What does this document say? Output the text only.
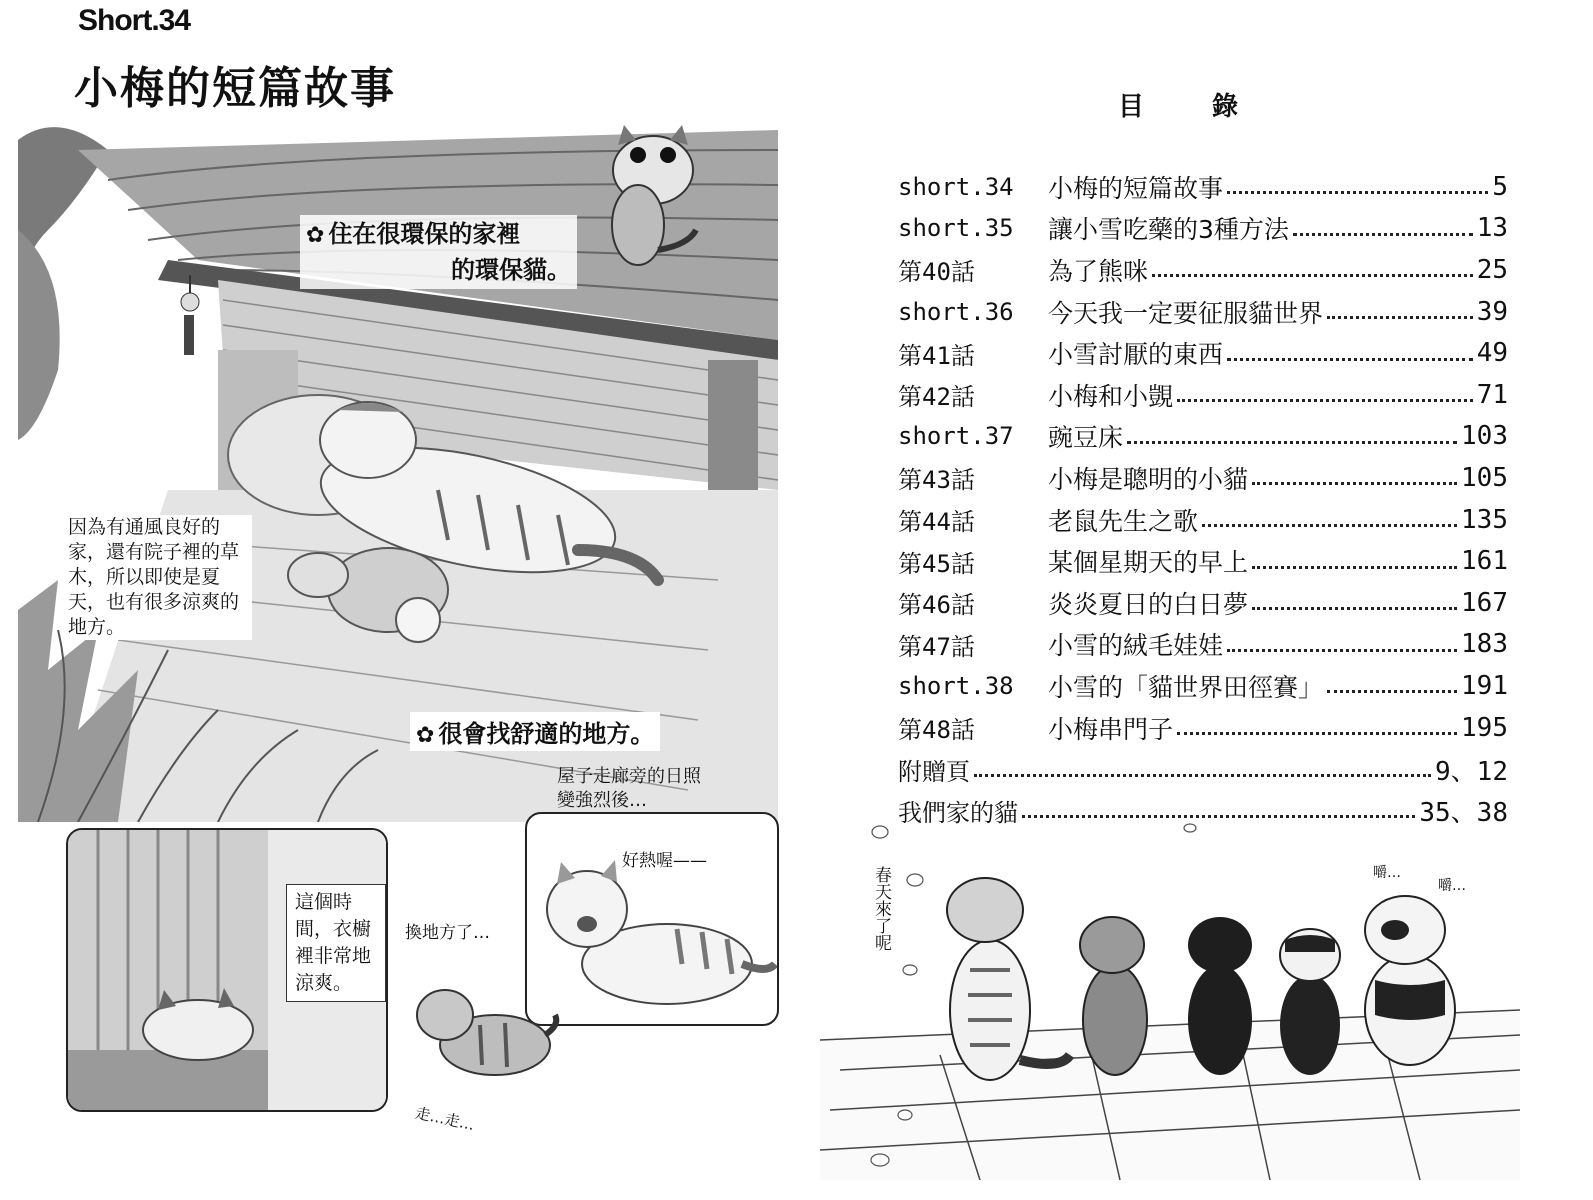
Short.34
小梅的短篇故事
✿ 住在很環保的家裡
的環保貓。
因為有通風良好的家，還有院子裡的草木，所以即使是夏天，也有很多涼爽的地方。
✿ 很會找舒適的地方。
屋子走廊旁的日照變強烈後…
這個時間，衣櫥裡非常地涼爽。
好熱喔——
換地方了…
走…走…
目錄
short.34	小梅的短篇故事	5
short.35	讓小雪吃藥的3種方法	13
第40話	為了熊咪	25
short.36	今天我一定要征服貓世界	39
第41話	小雪討厭的東西	49
第42話	小梅和小覬	71
short.37	豌豆床	103
第43話	小梅是聰明的小貓	105
第44話	老鼠先生之歌	135
第45話	某個星期天的早上	161
第46話	炎炎夏日的白日夢	167
第47話	小雪的絨毛娃娃	183
short.38	小雪的「貓世界田徑賽」	191
第48話	小梅串門子	195
附贈頁	9、12
我們家的貓	35、38
春天來了呢	嚼…
嚼…
